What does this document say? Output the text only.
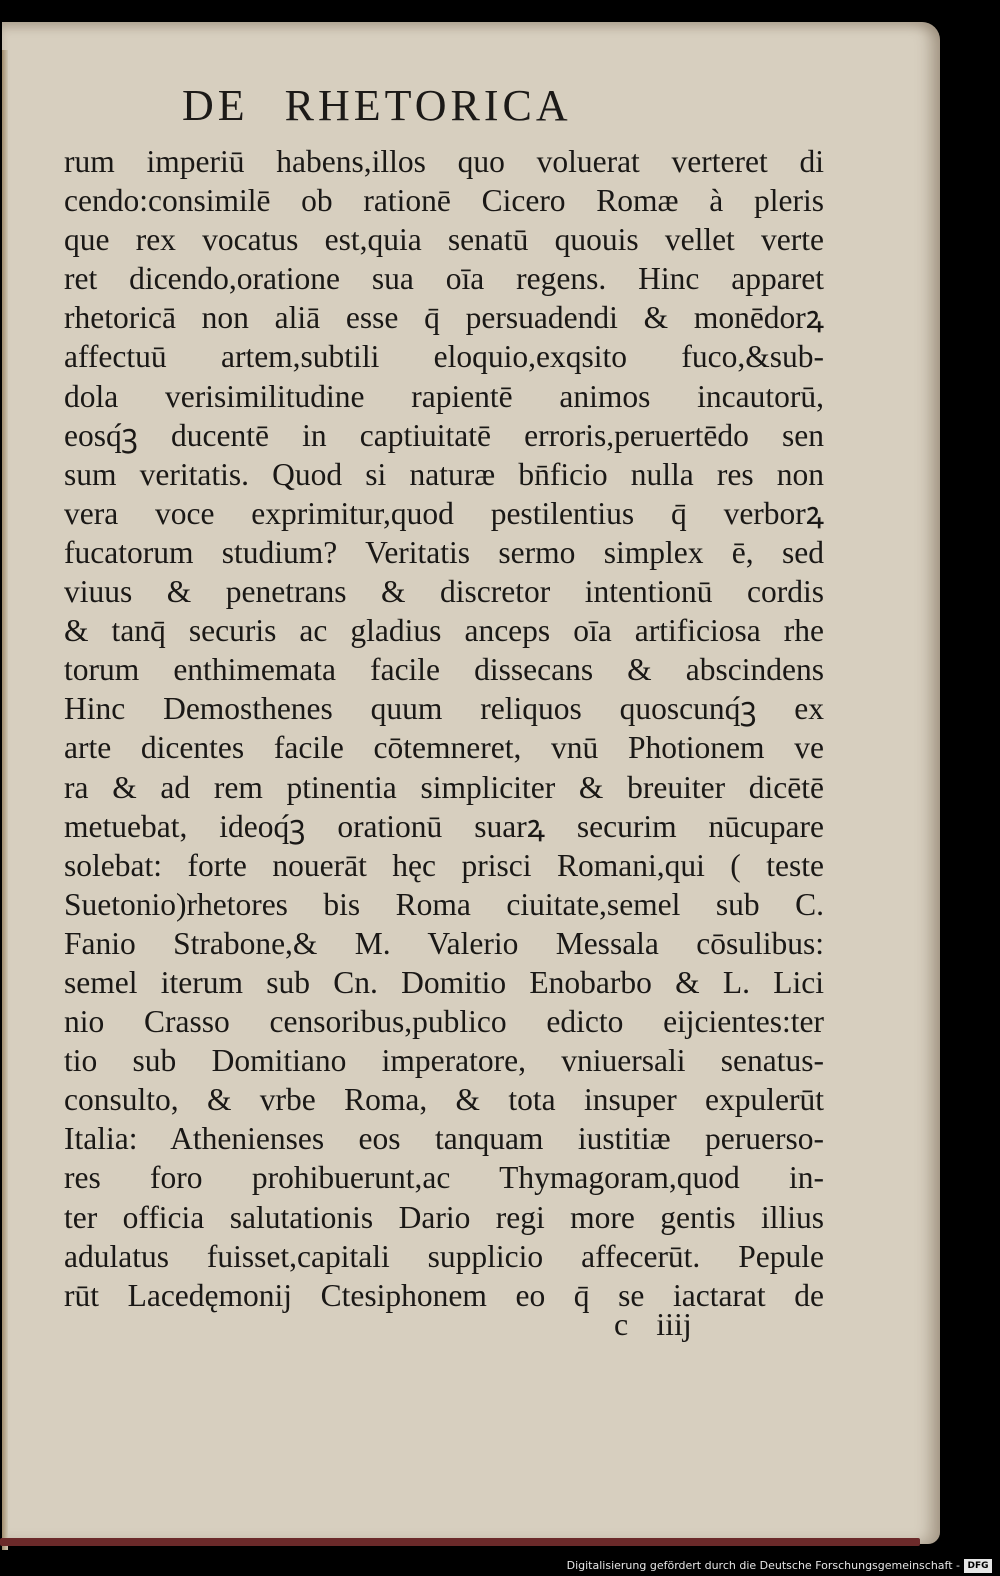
DE RHETORICA
rum imperiū habens,illos quo voluerat verteret di
cendo:consimilē ob rationē Cicero Romæ à pleris
que rex vocatus est,quia senatū quouis vellet verte
ret dicendo,oratione sua oīa regens. Hinc apparet
rhetoricā non aliā esse q̄ persuadendi & monēdorꝝ
affectuū artem,subtili eloquio,exqsito fuco,&sub-
dola verisimilitudine rapientē animos incautorū,
eosq́ꝫ ducentē in captiuitatē erroris,peruertēdo sen
sum veritatis. Quod si naturæ bn̄ficio nulla res non
vera voce exprimitur,quod pestilentius q̄ verborꝝ
fucatorum studium? Veritatis sermo simplex ē, sed
viuus & penetrans & discretor intentionū cordis
& tanq̄ securis ac gladius anceps oīa artificiosa rhe
torum enthimemata facile dissecans & abscindens
Hinc Demosthenes quum reliquos quoscunq́ꝫ ex
arte dicentes facile cōtemneret, vnū Photionem ve
ra & ad rem ptinentia simpliciter & breuiter dicētē
metuebat, ideoq́ꝫ orationū suarꝝ securim nūcupare
solebat: forte nouerāt hęc prisci Romani,qui ( teste
Suetonio)rhetores bis Roma ciuitate,semel sub C.
Fanio Strabone,& M. Valerio Messala cōsulibus:
semel iterum sub Cn. Domitio Enobarbo & L. Lici
nio Crasso censoribus,publico edicto eijcientes:ter
tio sub Domitiano imperatore, vniuersali senatus-
consulto, & vrbe Roma, & tota insuper expulerūt
Italia: Athenienses eos tanquam iustitiæ peruerso-
res foro prohibuerunt,ac Thymagoram,quod in-
ter officia salutationis Dario regi more gentis illius
adulatus fuisset,capitali supplicio affecerūt. Pepule
rūt Lacedęmonij Ctesiphonem eo q̄ se iactarat de
c iiij
Digitalisierung gefördert durch die Deutsche Forschungsgemeinschaft - DFG
